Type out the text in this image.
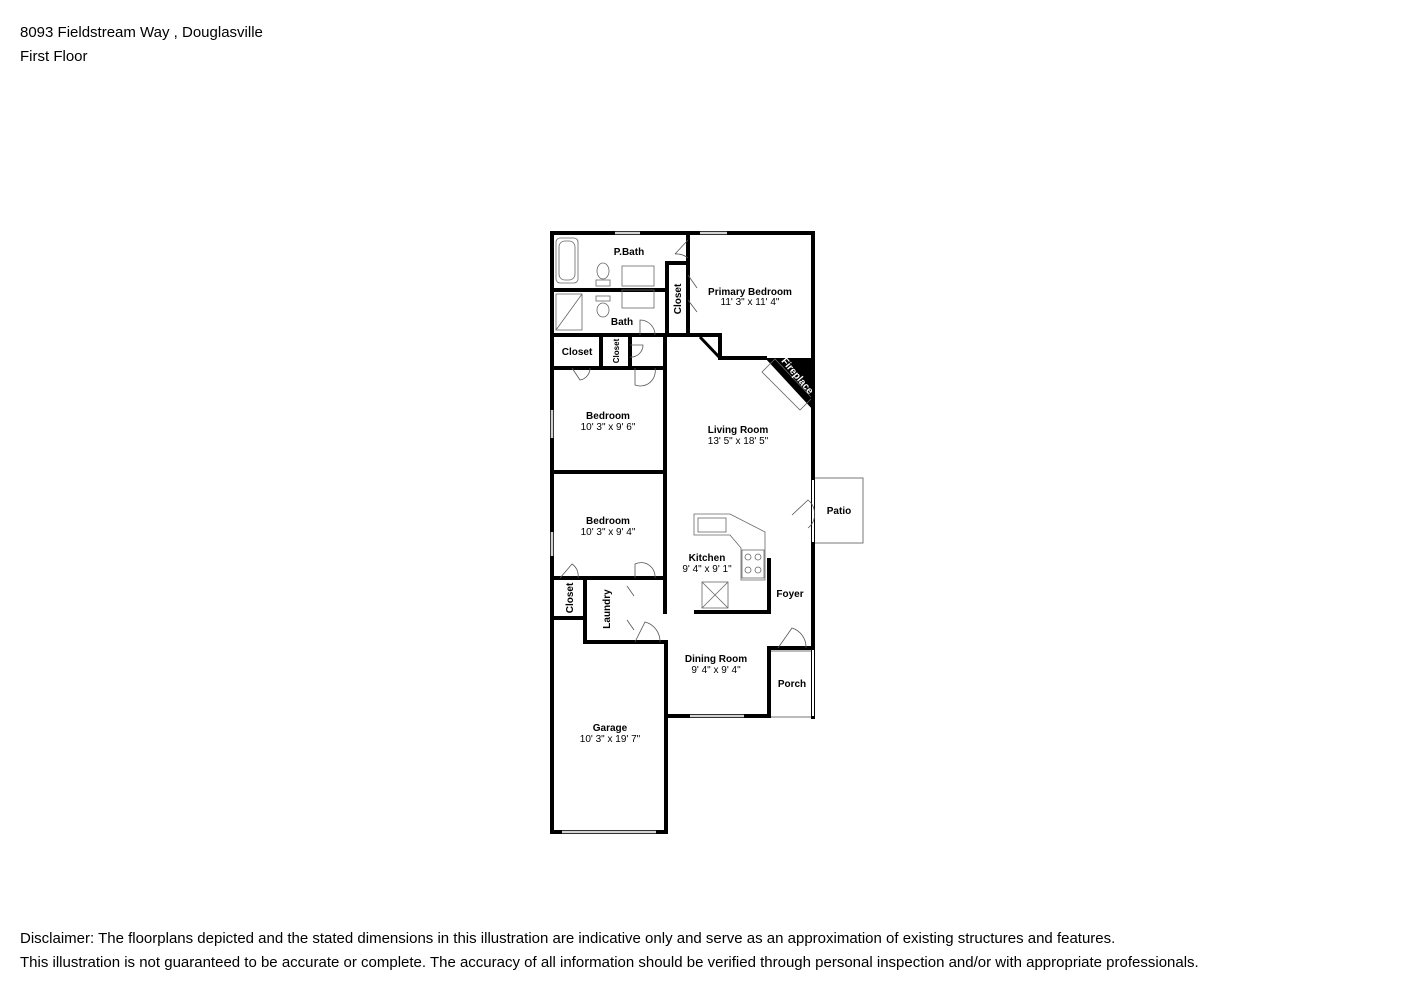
8093 Fieldstream Way , Douglasville
First Floor
P.Bath
Bath
Primary Bedroom
11' 3" x 11' 4"
Closet
Closet Closet
Fireplace
Bedroom
10' 3" x 9' 6"	Living Room
13' 5" x 18' 5"
Patio
Bedroom
10' 3" x 9' 4"
Kitchen
9' 4" x 9' 1"
Closet	Laundry	Foyer
Dining Room
9' 4" x 9' 4"
Porch
Garage
10' 3" x 19' 7"
Disclaimer: The floorplans depicted and the stated dimensions in this illustration are indicative only and serve as an approximation of existing structures and features.
This illustration is not guaranteed to be accurate or complete. The accuracy of all information should be verified through personal inspection and/or with appropriate professionals.
